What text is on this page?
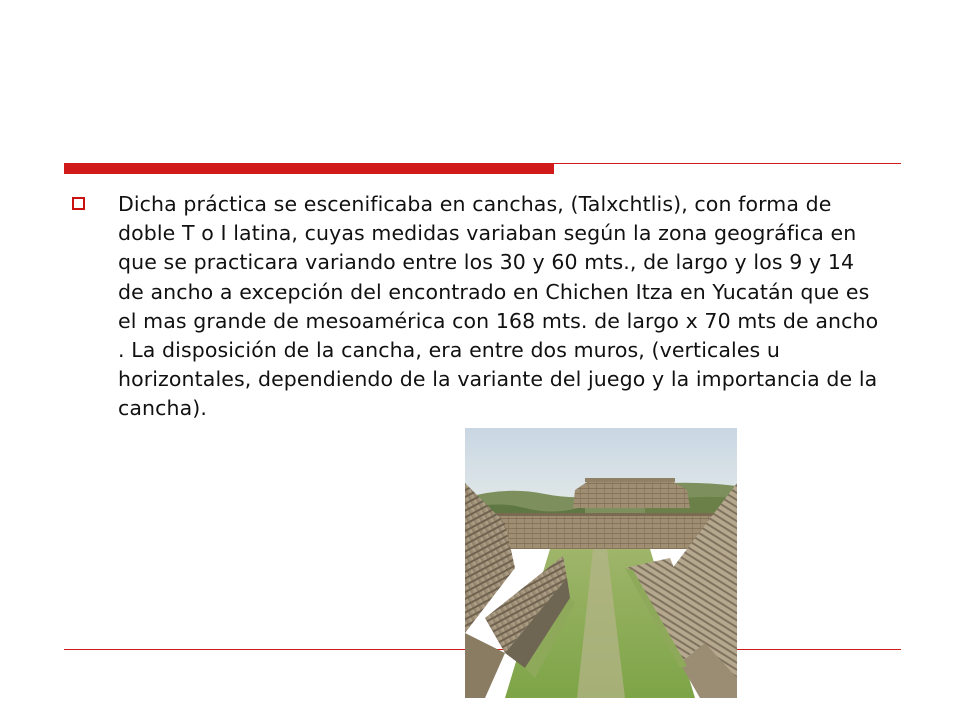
Dicha práctica se escenificaba en canchas, (Talxchtlis), con forma de doble T o I latina, cuyas medidas variaban según la zona geográfica en que se practicara variando entre los 30 y 60 mts., de largo y los 9 y 14 de ancho a excepción del encontrado en Chichen Itza en Yucatán que es el mas grande de mesoamérica con 168 mts. de largo x 70 mts de ancho . La disposición de la cancha, era entre dos muros, (verticales u horizontales, dependiendo de la variante del juego y la importancia de la cancha).
